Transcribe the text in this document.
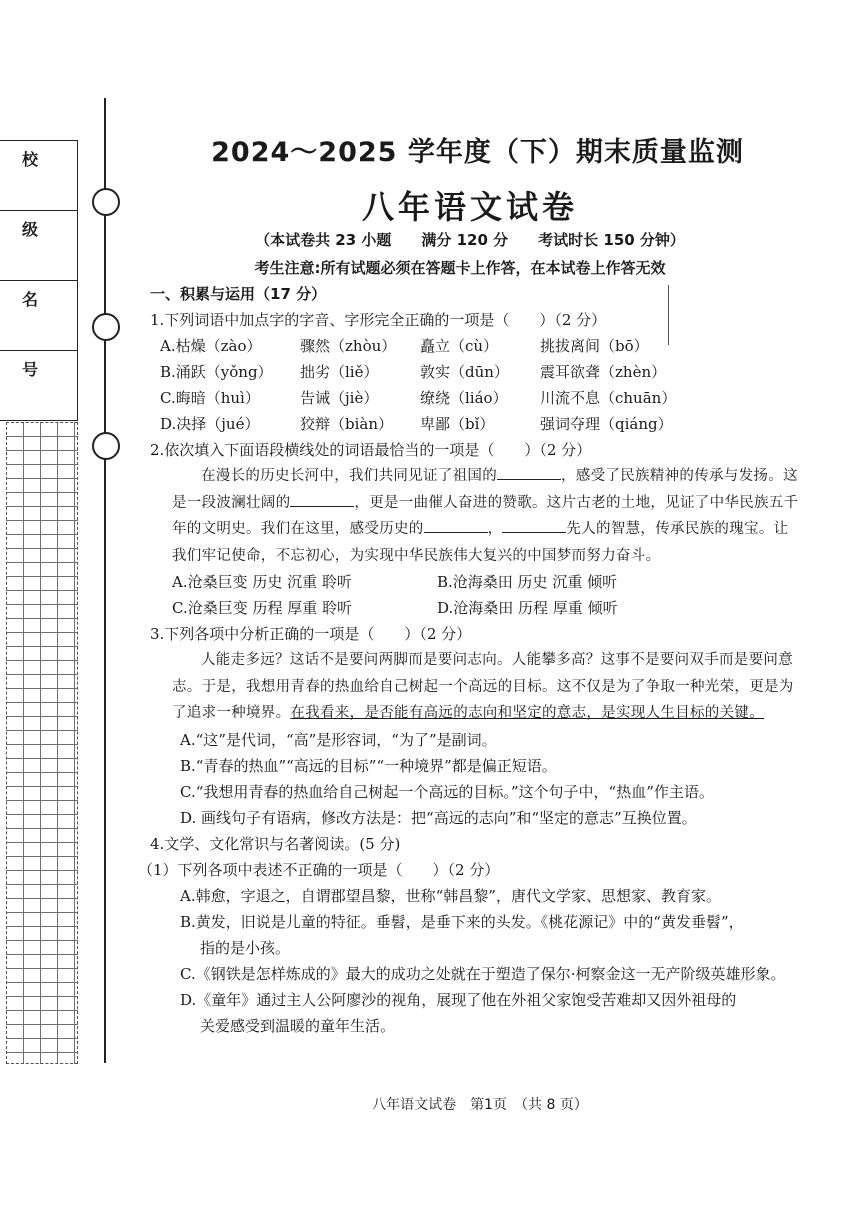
校
级
名
号
2024～2025 学年度（下）期末质量监测
八年语文试卷
（本试卷共 23 小题　　满分 120 分　　考试时长 150 分钟）
考生注意:所有试题必须在答题卡上作答，在本试卷上作答无效
一、积累与运用（17 分）
1.下列词语中加点字的字音、字形完全正确的一项是（　　）（2 分）
A.枯燥（zào）	骤然（zhòu）	矗立（cù）	挑拔离间（bō）
B.涌跃（yǒng）	拙劣（liě）	敦实（dūn）	震耳欲聋（zhèn）
C.晦暗（huì）	告诫（jiè）	缭绕（liáo）	川流不息（chuān）
D.决择（jué）	狡辩（biàn）	卑鄙（bǐ）	强词夺理（qiáng）
2.依次填入下面语段横线处的词语最恰当的一项是（　　）（2 分）
在漫长的历史长河中，我们共同见证了祖国的	，感受了民族精神的传承与发扬。这是一段波澜壮阔的	，更是一曲催人奋进的赞歌。这片古老的土地，见证了中华民族五千年的文明史。我们在这里，感受历史的	，	先人的智慧，传承民族的瑰宝。让我们牢记使命，不忘初心，为实现中华民族伟大复兴的中国梦而努力奋斗。
A.沧桑巨变 历史 沉重 聆听	B.沧海桑田 历史 沉重 倾听
C.沧桑巨变 历程 厚重 聆听	D.沧海桑田 历程 厚重 倾听
3.下列各项中分析正确的一项是（　　）（2 分）
人能走多远？这话不是要问两脚而是要问志向。人能攀多高？这事不是要问双手而是要问意志。于是，我想用青春的热血给自己树起一个高远的目标。这不仅是为了争取一种光荣，更是为了追求一种境界。在我看来，是否能有高远的志向和坚定的意志，是实现人生目标的关键。
A.“这”是代词，“高”是形容词，“为了”是副词。
B.“青春的热血”“高远的目标”“一种境界”都是偏正短语。
C.“我想用青春的热血给自己树起一个高远的目标。”这个句子中，“热血”作主语。
D. 画线句子有语病，修改方法是：把“高远的志向”和“坚定的意志”互换位置。
4.文学、文化常识与名著阅读。(5 分)
（1）下列各项中表述不正确的一项是（　　）（2 分）
A.韩愈，字退之，自谓郡望昌黎，世称“韩昌黎”，唐代文学家、思想家、教育家。
B.黄发，旧说是儿童的特征。垂髫，是垂下来的头发。《桃花源记》中的“黄发垂髫”，
指的是小孩。
C.《钢铁是怎样炼成的》最大的成功之处就在于塑造了保尔·柯察金这一无产阶级英雄形象。
D.《童年》通过主人公阿廖沙的视角，展现了他在外祖父家饱受苦难却又因外祖母的
关爱感受到温暖的童年生活。
八年语文试卷　第1页　（共 8 页）
